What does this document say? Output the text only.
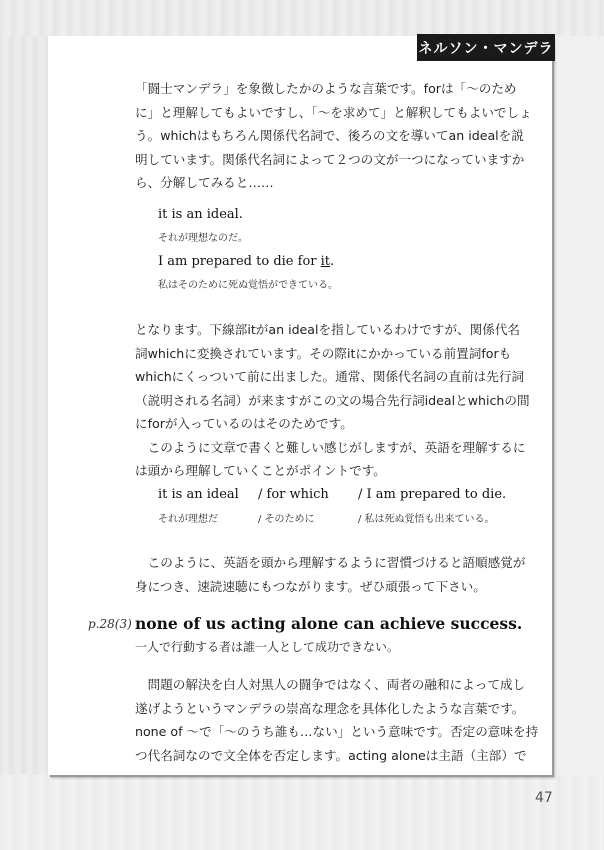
ネルソン・マンデラ
「闘士マンデラ」を象徴したかのような言葉です。forは「～のため
に」と理解してもよいですし、「～を求めて」と解釈してもよいでしょ
う。whichはもちろん関係代名詞で、後ろの文を導いてan idealを説
明しています。関係代名詞によって２つの文が一つになっていますか
ら、分解してみると……
it is an ideal.
それが理想なのだ。
I am prepared to die for it.
私はそのために死ぬ覚悟ができている。
となります。下線部itがan idealを指しているわけですが、関係代名
詞whichに変換されています。その際itにかかっている前置詞forも
whichにくっついて前に出ました。通常、関係代名詞の直前は先行詞
（説明される名詞）が来ますがこの文の場合先行詞idealとwhichの間
にforが入っているのはそのためです。
　このように文章で書くと難しい感じがしますが、英語を理解するに
は頭から理解していくことがポイントです。
it is an ideal
それが理想だ
/ for which
/ そのために
/ I am prepared to die.
/ 私は死ぬ覚悟も出来ている。
　このように、英語を頭から理解するように習慣づけると語順感覚が
身につき、速読速聴にもつながります。ぜひ頑張って下さい。
p.28(3) none of us acting alone can achieve success.
一人で行動する者は誰一人として成功できない。
　問題の解決を白人対黒人の闘争ではなく、両者の融和によって成し
遂げようというマンデラの崇高な理念を具体化したような言葉です。
none of ～で「～のうち誰も…ない」という意味です。否定の意味を持
つ代名詞なので文全体を否定します。acting aloneは主語（主部）で
47
